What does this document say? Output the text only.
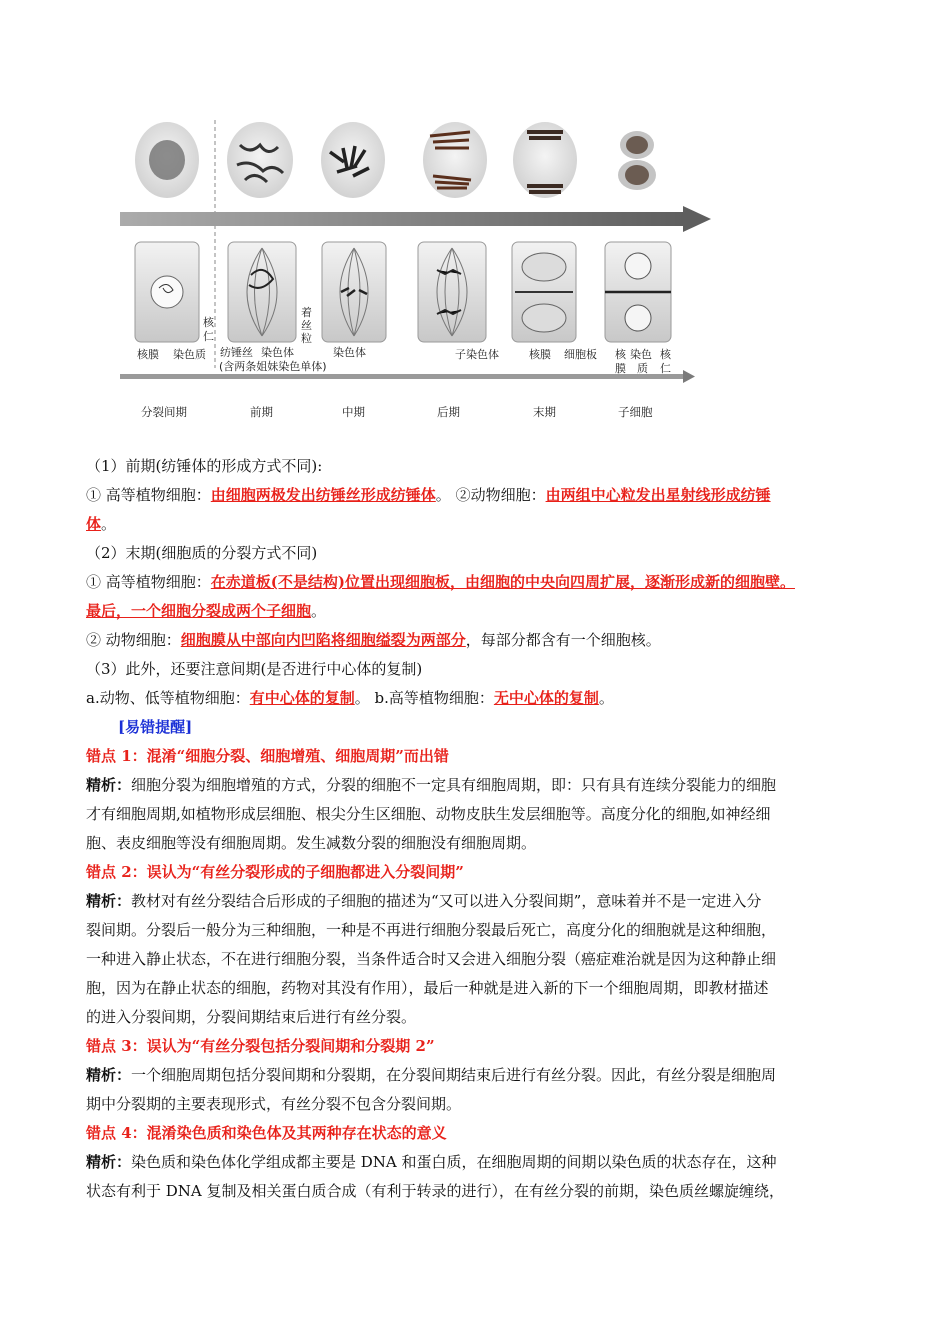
核
仁
核膜 染色质 纺锤丝 染色体
(含两条姐妹染色单体)
着
丝
粒
染色体	子染色体	核膜 细胞板 核
膜
染色
质
核
仁
分裂间期	前期	中期	后期	末期	子细胞

（1）前期(纺锤体的形成方式不同):

① 高等植物细胞：由细胞两极发出纺锤丝形成纺锤体。 ②动物细胞：由两组中心粒发出星射线形成纺锤

体。

（2）末期(细胞质的分裂方式不同)

① 高等植物细胞：在赤道板(不是结构)位置出现细胞板，由细胞的中央向四周扩展，逐渐形成新的细胞壁。

最后，一个细胞分裂成两个子细胞。

② 动物细胞：细胞膜从中部向内凹陷将细胞缢裂为两部分，每部分都含有一个细胞核。

（3）此外，还要注意间期(是否进行中心体的复制)

a.动物、低等植物细胞：有中心体的复制。 b.高等植物细胞：无中心体的复制。

[易错提醒]

错点 1：混淆“细胞分裂、细胞增殖、细胞周期”而出错

精析：细胞分裂为细胞增殖的方式，分裂的细胞不一定具有细胞周期，即：只有具有连续分裂能力的细胞

才有细胞周期,如植物形成层细胞、根尖分生区细胞、动物皮肤生发层细胞等。高度分化的细胞,如神经细

胞、表皮细胞等没有细胞周期。发生减数分裂的细胞没有细胞周期。

错点 2：误认为“有丝分裂形成的子细胞都进入分裂间期”

精析：教材对有丝分裂结合后形成的子细胞的描述为“又可以进入分裂间期”，意味着并不是一定进入分

裂间期。分裂后一般分为三种细胞，一种是不再进行细胞分裂最后死亡，高度分化的细胞就是这种细胞，

一种进入静止状态，不在进行细胞分裂，当条件适合时又会进入细胞分裂（癌症难治就是因为这种静止细

胞，因为在静止状态的细胞，药物对其没有作用），最后一种就是进入新的下一个细胞周期，即教材描述

的进入分裂间期，分裂间期结束后进行有丝分裂。

错点 3：误认为“有丝分裂包括分裂间期和分裂期 2”

精析：一个细胞周期包括分裂间期和分裂期，在分裂间期结束后进行有丝分裂。因此，有丝分裂是细胞周

期中分裂期的主要表现形式，有丝分裂不包含分裂间期。

错点 4：混淆染色质和染色体及其两种存在状态的意义

精析：染色质和染色体化学组成都主要是 DNA 和蛋白质，在细胞周期的间期以染色质的状态存在，这种

状态有利于 DNA 复制及相关蛋白质合成（有利于转录的进行），在有丝分裂的前期，染色质丝螺旋缠绕，
